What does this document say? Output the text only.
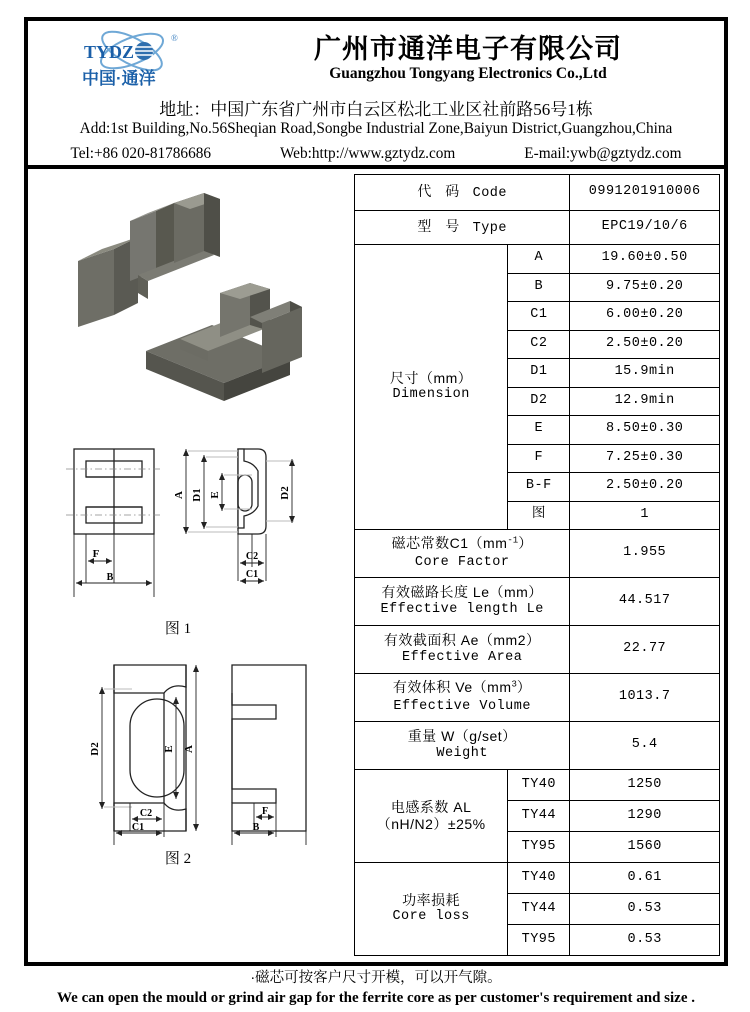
TYDZ
®
中国·通洋
广州市通洋电子有限公司
Guangzhou Tongyang Electronics Co.,Ltd
地址：中国广东省广州市白云区松北工业区社前路56号1栋
Add:1st Building,No.56Sheqian Road,Songbe Industrial Zone,Baiyun District,Guangzhou,China
Tel:+86 020-81786686	Web:http://www.gztydz.com	E-mail:ywb@gztydz.com
F
B
A D1 E	D2
C2
C1
图 1
D2	A
E
C2
C1
F
B
图 2
代 码 Code		0991201910006
型 号 Type		EPC19/10/6

尺寸（mm）
Dimension	A	19.60±0.50
	B	9.75±0.20
	C1	6.00±0.20
	C2	2.50±0.20
	D1	15.9min
	D2	12.9min
	E	8.50±0.30
	F	7.25±0.30
	B-F	2.50±0.20
	图	1

磁芯常数$C1(mm^{-1})$
Core Factor		1.955

有效磁路长度 Le（mm）
Effective length Le		44.517

有效截面积 Ae（mm2）
Effective Area		22.77

有效体积 $Ve(mm^3)$
Effective Volume		1013.7

重量 W（g/set）
Weight		5.4

电感系数 AL
（nH/N2）±25%	TY40	1250
	TY44	1290
	TY95	1560

功率损耗
Core loss	TY40	0.61
	TY44	0.53
	TY95	0.53
·磁芯可按客户尺寸开模，可以开气隙。
We can open the mould or grind air gap for the ferrite core as per customer's requirement and size .
